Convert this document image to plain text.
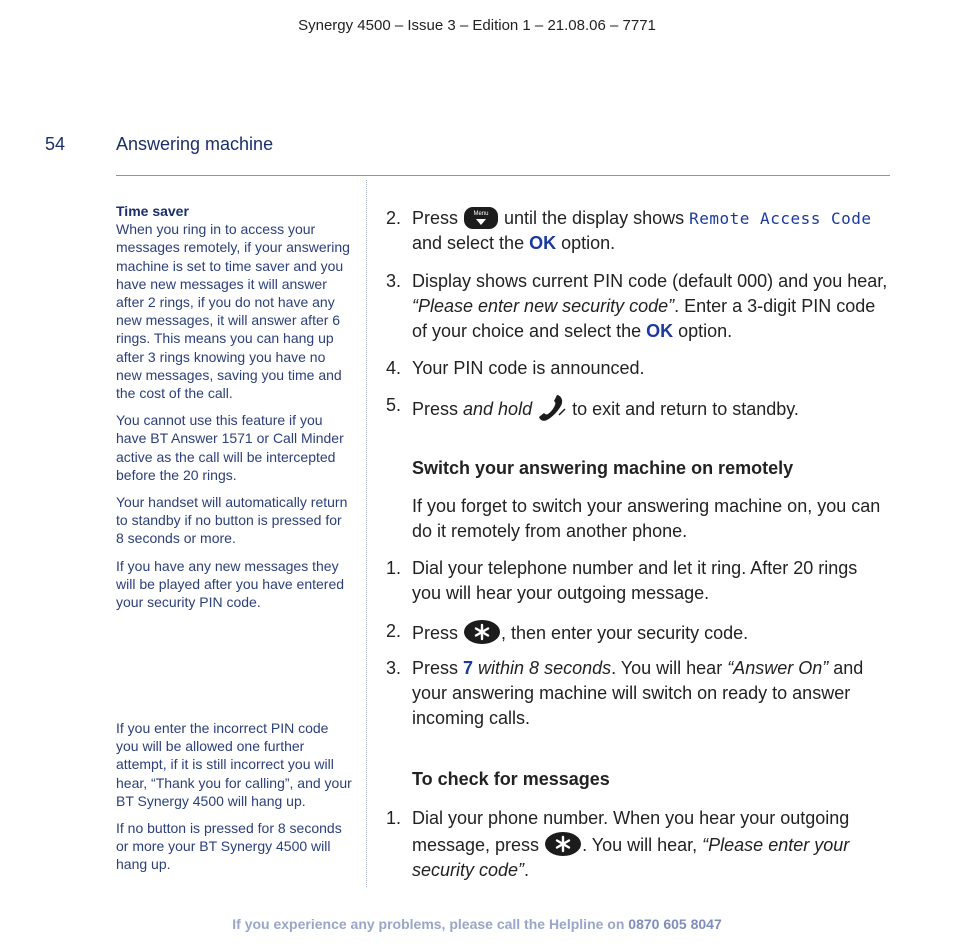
Synergy 4500 – Issue 3 – Edition 1 – 21.08.06 – 7771
54	Answering machine
Time saver

When you ring in to access your messages remotely, if your answering machine is set to time saver and you have new messages it will answer after 2 rings, if you do not have any new messages, it will answer after 6 rings. This means you can hang up after 3 rings knowing you have no new messages, saving you time and the cost of the call.

You cannot use this feature if you have BT Answer 1571 or Call Minder active as the call will be intercepted before the 20 rings.

Your handset will automatically return to standby if no button is pressed for 8 seconds or more.

If you have any new messages they will be played after you have entered your security PIN code.

If you enter the incorrect PIN code you will be allowed one further attempt, if it is still incorrect you will hear, “Thank you for calling”, and your BT Synergy 4500 will hang up.

If no button is pressed for 8 seconds or more your BT Synergy 4500 will hang up.

2. Press Menu until the display shows Remote Access Code
and select the OK option.
3. Display shows current PIN code (default 000) and you hear, “Please enter new security code”. Enter a 3-digit PIN code of your choice and select the OK option.
4. Your PIN code is announced.
5. Press and hold  to exit and return to standby.
Switch your answering machine on remotely
If you forget to switch your answering machine on, you can do it remotely from another phone.
1. Dial your telephone number and let it ring. After 20 rings you will hear your outgoing message.
2. Press , then enter your security code.
3. Press 7 within 8 seconds. You will hear “Answer On” and your answering machine will switch on ready to answer incoming calls.
To check for messages
1. Dial your phone number. When you hear your outgoing message, press . You will hear, “Please enter your security code”.
If you experience any problems, please call the Helpline on 0870 605 8047
